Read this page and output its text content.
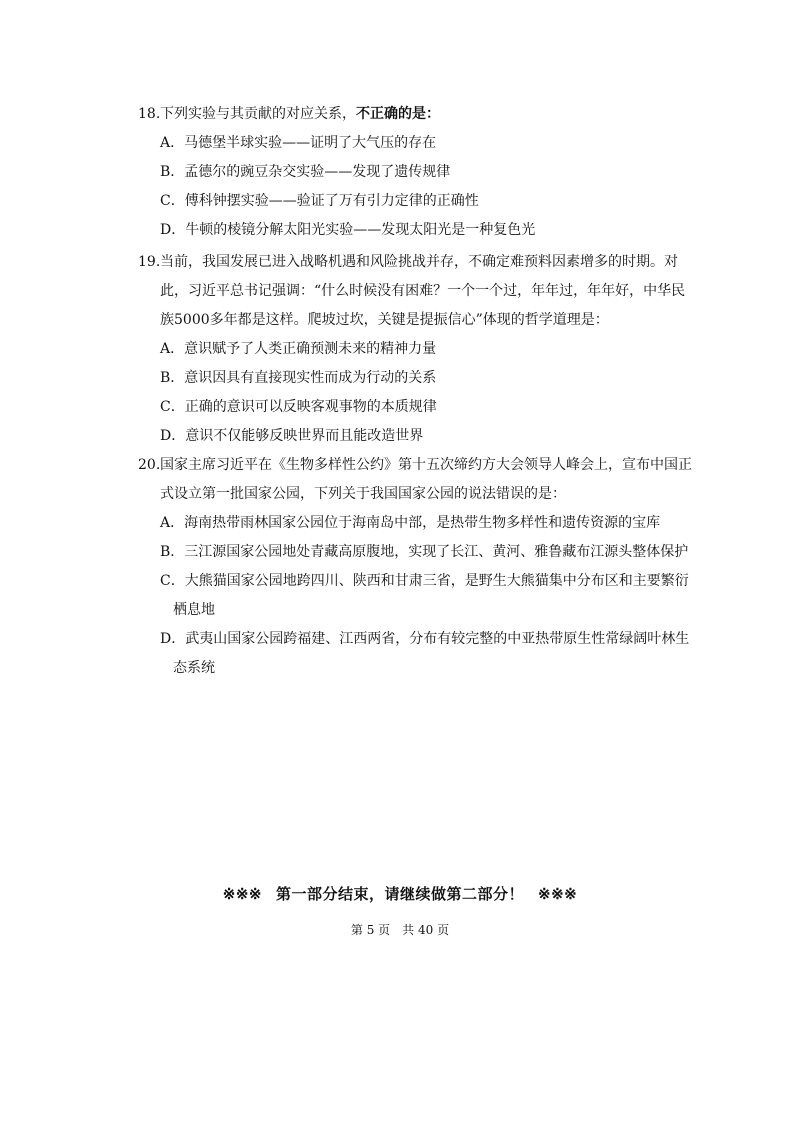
18.下列实验与其贡献的对应关系，不正确的是：
A．马德堡半球实验——证明了大气压的存在
B．孟德尔的豌豆杂交实验——发现了遗传规律
C．傅科钟摆实验——验证了万有引力定律的正确性
D．牛顿的棱镜分解太阳光实验——发现太阳光是一种复色光
19.当前，我国发展已进入战略机遇和风险挑战并存，不确定难预料因素增多的时期。对
此，习近平总书记强调：“什么时候没有困难？一个一个过，年年过，年年好，中华民
族5000多年都是这样。爬坡过坎，关键是提振信心”体现的哲学道理是：
A．意识赋予了人类正确预测未来的精神力量
B．意识因具有直接现实性而成为行动的关系
C．正确的意识可以反映客观事物的本质规律
D．意识不仅能够反映世界而且能改造世界
20.国家主席习近平在《生物多样性公约》第十五次缔约方大会领导人峰会上，宣布中国正
式设立第一批国家公园，下列关于我国国家公园的说法错误的是：
A．海南热带雨林国家公园位于海南岛中部，是热带生物多样性和遗传资源的宝库
B．三江源国家公园地处青藏高原腹地，实现了长江、黄河、雅鲁藏布江源头整体保护
C．大熊猫国家公园地跨四川、陕西和甘肃三省，是野生大熊猫集中分布区和主要繁衍
栖息地
D．武夷山国家公园跨福建、江西两省，分布有较完整的中亚热带原生性常绿阔叶林生
态系统
※※※ 第一部分结束，请继续做第二部分！ ※※※
第 5 页　共 40 页
